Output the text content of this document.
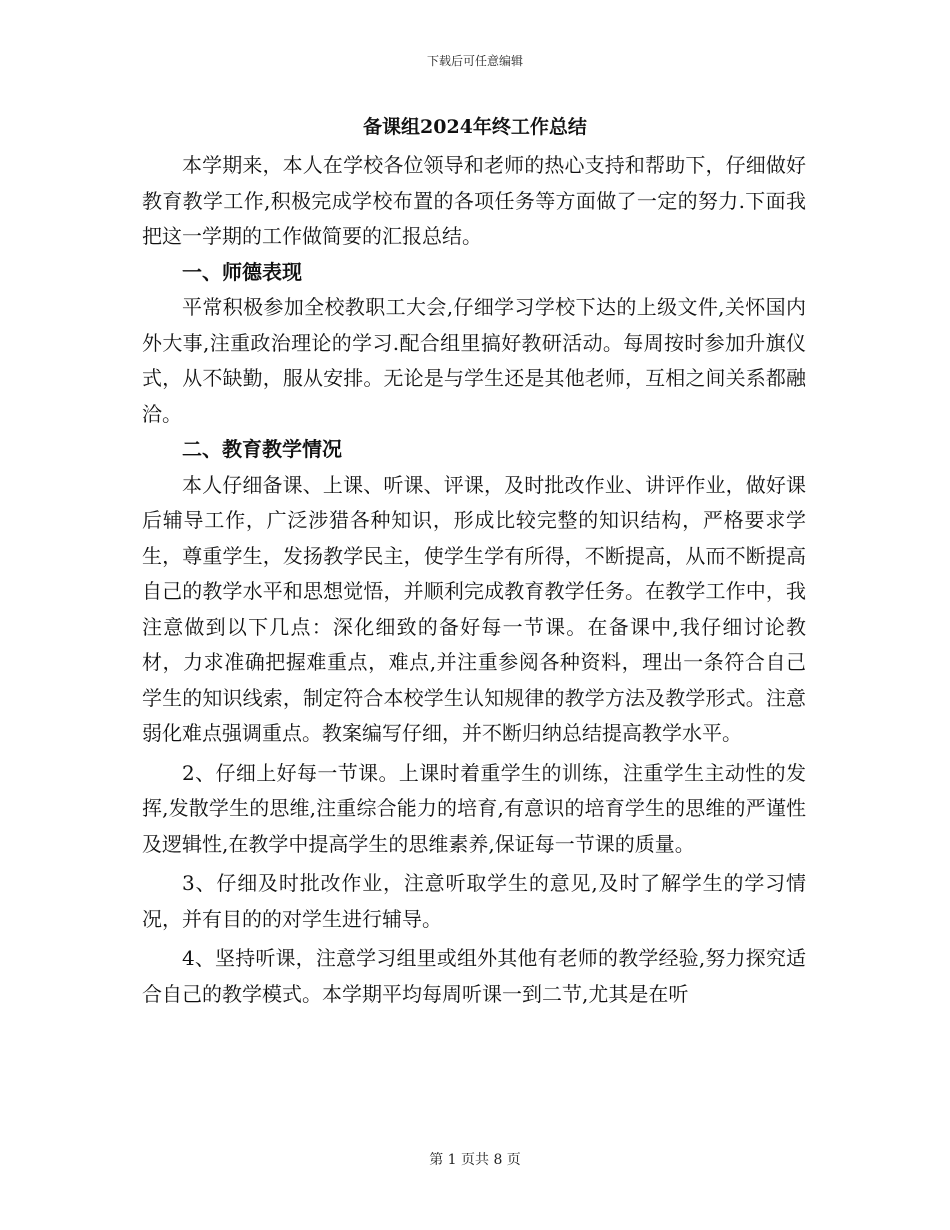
下载后可任意编辑
备课组2024年终工作总结

本学期来，本人在学校各位领导和老师的热心支持和帮助下，仔细做好教育教学工作,积极完成学校布置的各项任务等方面做了一定的努力.下面我把这一学期的工作做简要的汇报总结。

一、师德表现

平常积极参加全校教职工大会,仔细学习学校下达的上级文件,关怀国内外大事,注重政治理论的学习.配合组里搞好教研活动。每周按时参加升旗仪式，从不缺勤，服从安排。无论是与学生还是其他老师，互相之间关系都融洽。

二、教育教学情况

本人仔细备课、上课、听课、评课，及时批改作业、讲评作业，做好课后辅导工作，广泛涉猎各种知识，形成比较完整的知识结构，严格要求学生，尊重学生，发扬教学民主，使学生学有所得，不断提高，从而不断提高自己的教学水平和思想觉悟，并顺利完成教育教学任务。在教学工作中，我注意做到以下几点：深化细致的备好每一节课。在备课中,我仔细讨论教材，力求准确把握难重点，难点,并注重参阅各种资料，理出一条符合自己学生的知识线索，制定符合本校学生认知规律的教学方法及教学形式。注意弱化难点强调重点。教案编写仔细，并不断归纳总结提高教学水平。

2、仔细上好每一节课。上课时着重学生的训练，注重学生主动性的发挥,发散学生的思维,注重综合能力的培育,有意识的培育学生的思维的严谨性及逻辑性,在教学中提高学生的思维素养,保证每一节课的质量。

3、仔细及时批改作业，注意听取学生的意见,及时了解学生的学习情况，并有目的的对学生进行辅导。

4、坚持听课，注意学习组里或组外其他有老师的教学经验,努力探究适合自己的教学模式。本学期平均每周听课一到二节,尤其是在听

第 1 页共 8 页
